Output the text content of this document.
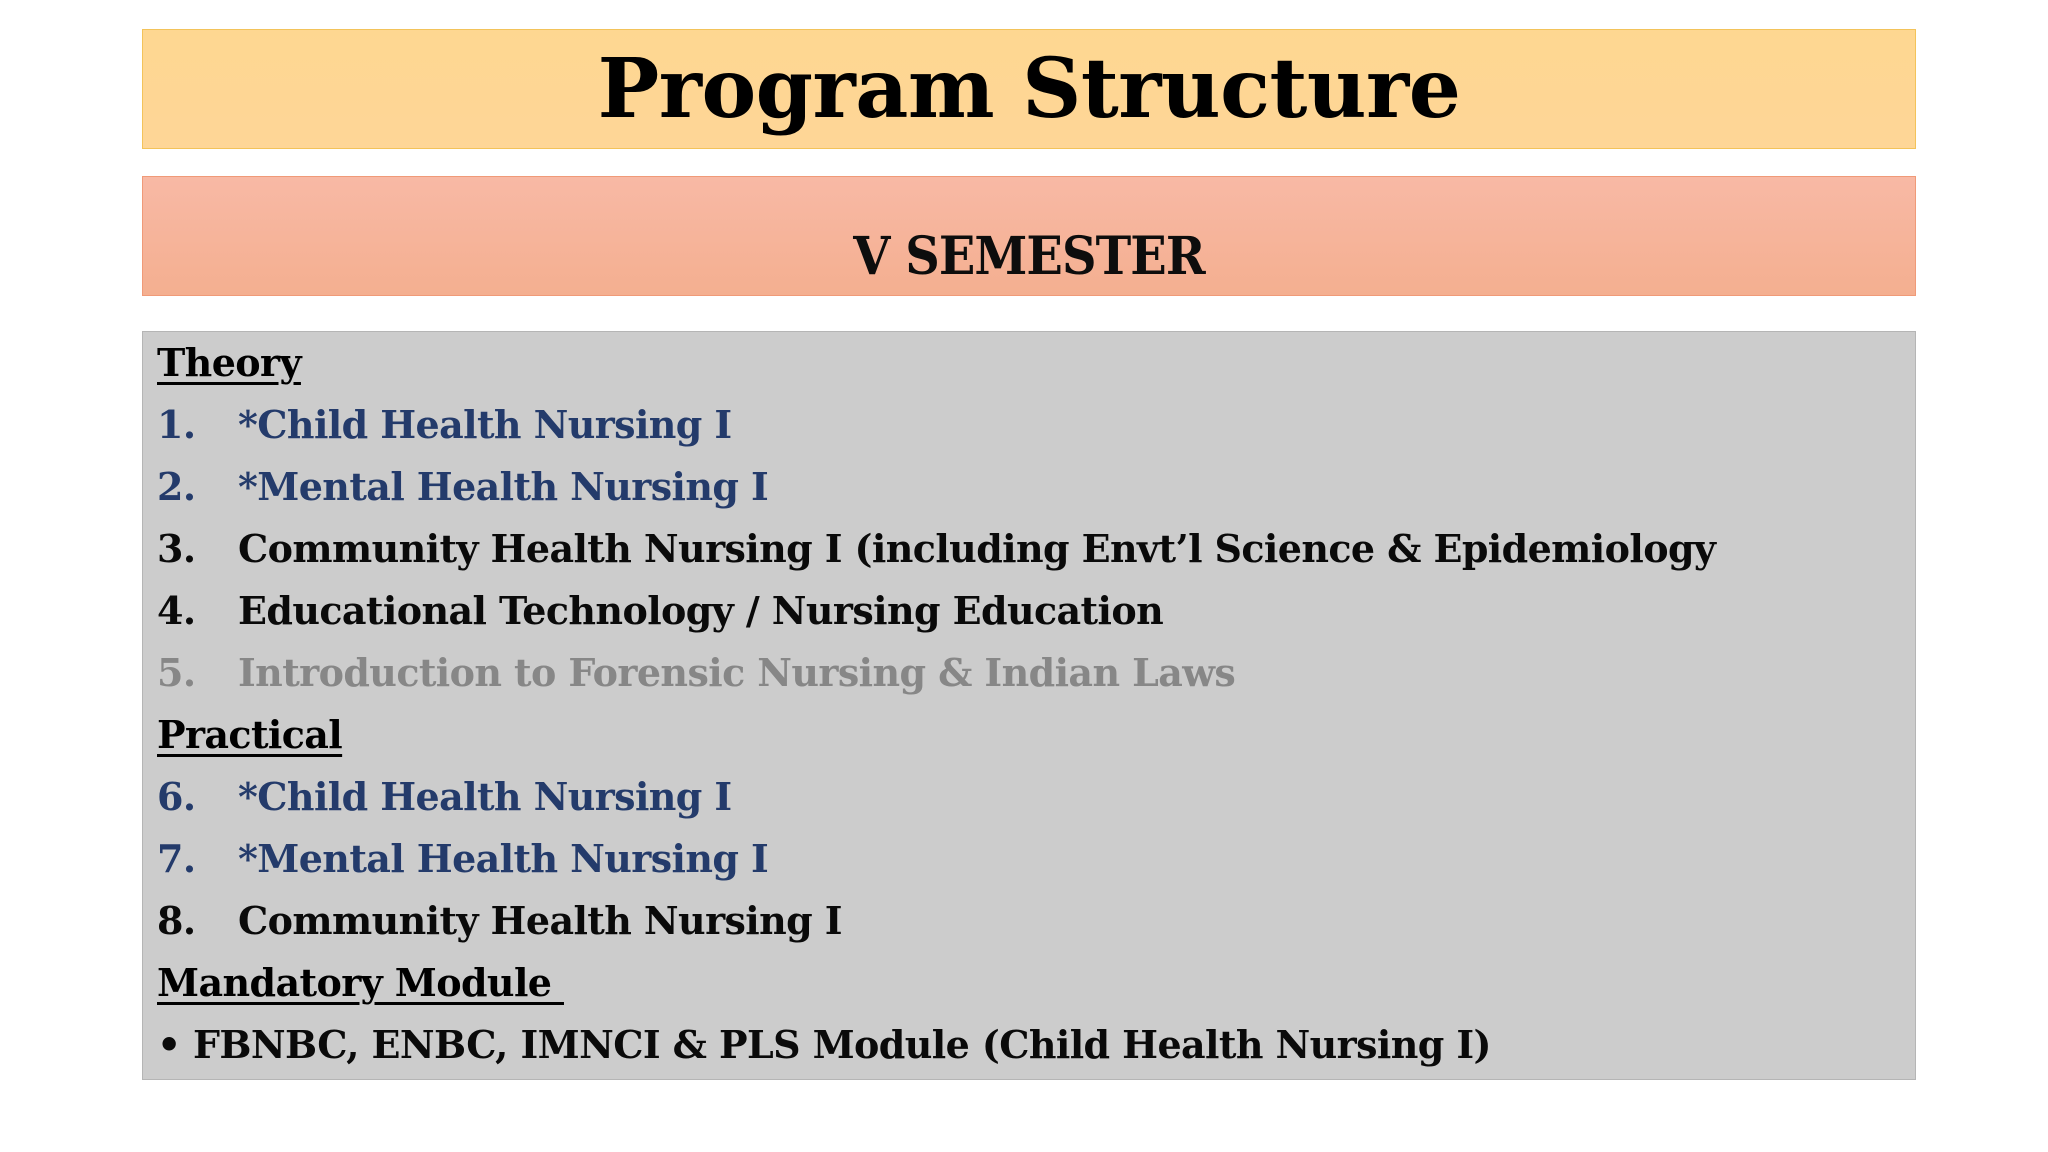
Program Structure
V SEMESTER
Theory
1. *Child Health Nursing I
2. *Mental Health Nursing I
3. Community Health Nursing I (including Envt’l Science & Epidemiology
4. Educational Technology / Nursing Education
5. Introduction to Forensic Nursing & Indian Laws
Practical
6. *Child Health Nursing I
7. *Mental Health Nursing I
8. Community Health Nursing I
Mandatory Module
• FBNBC, ENBC, IMNCI & PLS Module (Child Health Nursing I)
